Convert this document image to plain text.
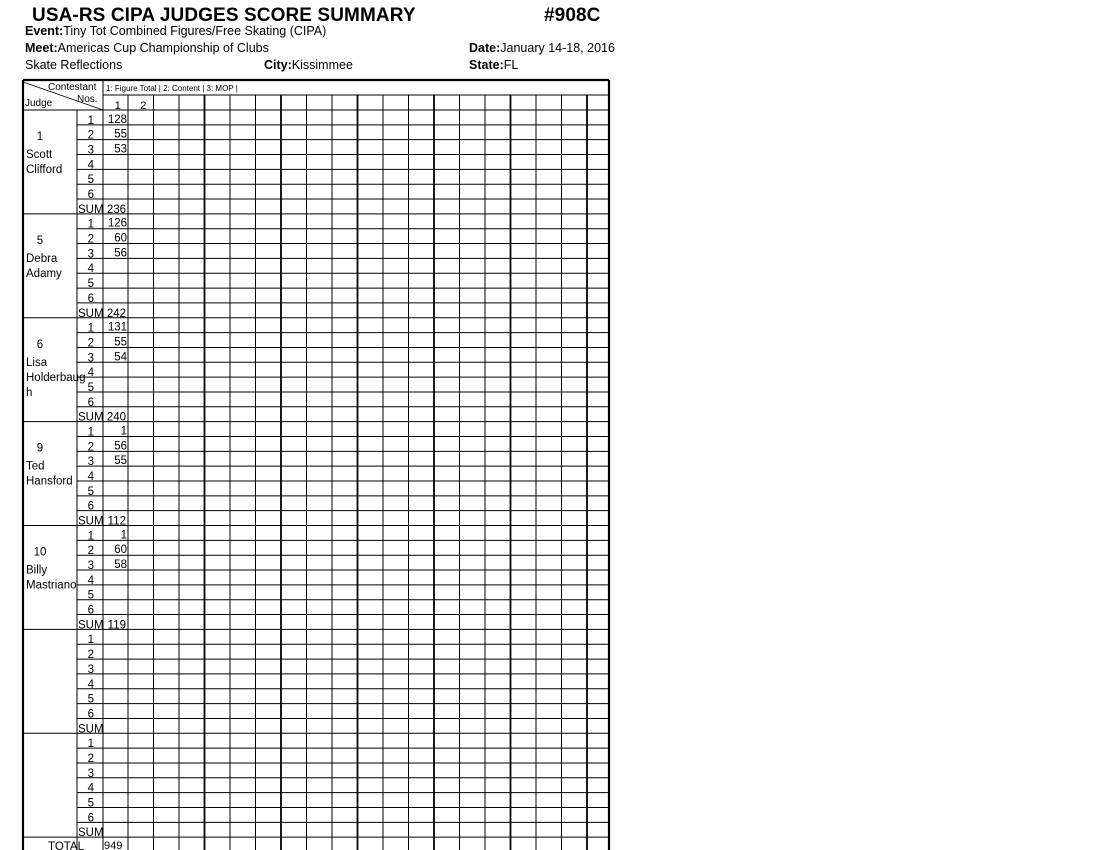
USA-RS CIPA JUDGES SCORE SUMMARY	#908C
Event:Tiny Tot Combined Figures/Free Skating (CIPA)
Meet:Americas Cup Championship of Clubs	Date:January 14-18, 2016
Skate Reflections	City:Kissimmee	State:FL
Contestant
Nos.
Judge
1: Figure Total | 2: Content | 3: MOP |
1 2
1
Scott
Clifford
1 128
2 55
3 53
4
5
6
SUM 236
5
Debra
Adamy
1 126
2 60
3 56
4
5
6
SUM 242
6
Lisa
Holderbaug
h
1 131
2 55
3 54
4
5
6
SUM 240
9
Ted
Hansford
1 1
2 56
3 55
4
5
6
SUM 112
10
Billy
Mastriano
1 1
2 60
3 58
4
5
6
SUM 119
1
2
3
4
5
6
SUM
1
2
3
4
5
6
SUM
TOTAL 949
